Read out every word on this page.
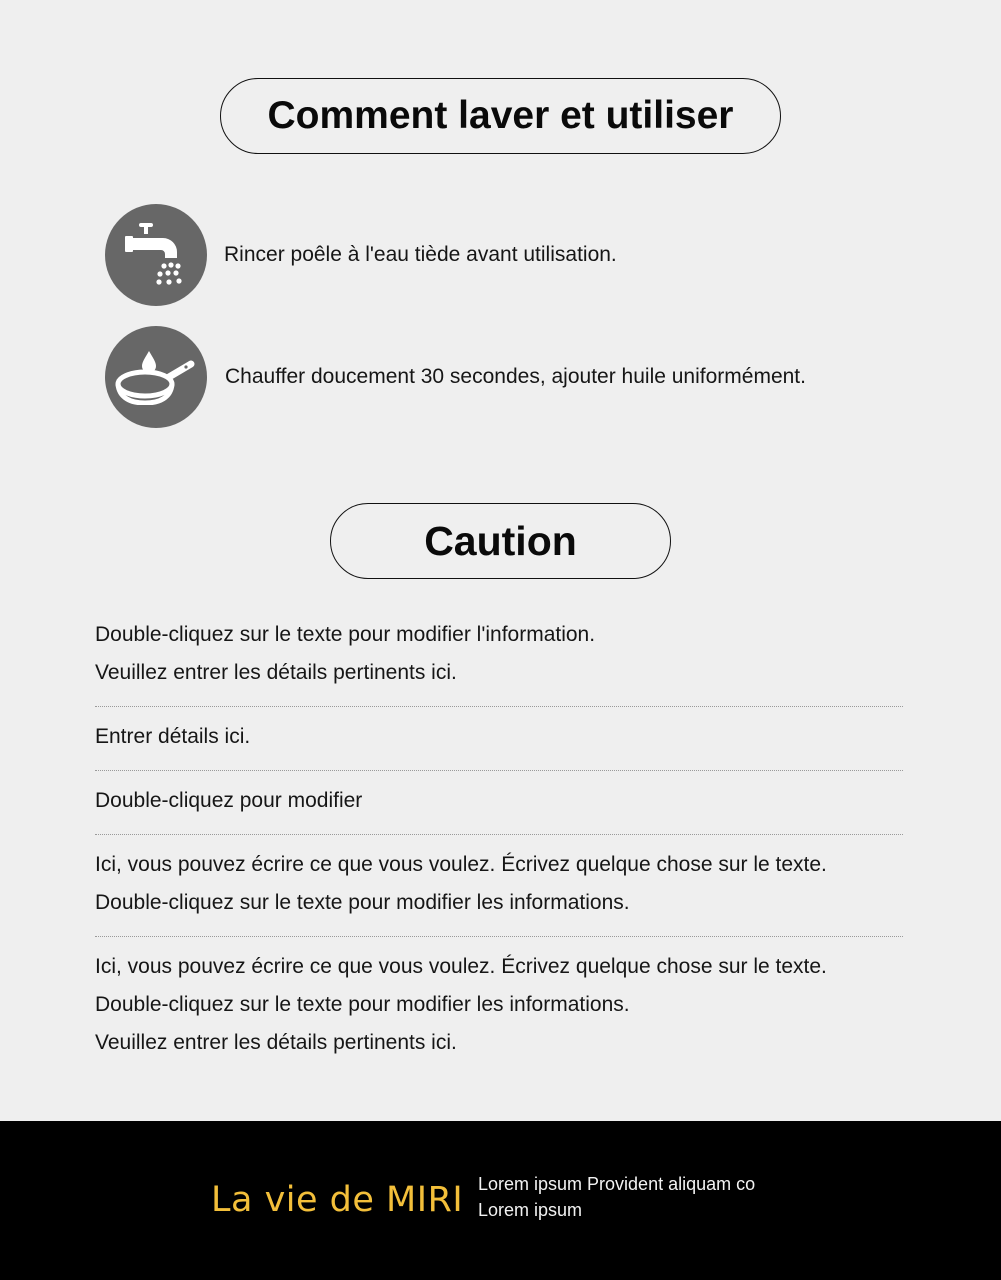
Comment laver et utiliser
Rincer poêle à l'eau tiède avant utilisation.
Chauffer doucement 30 secondes, ajouter huile uniformément.
Caution
Double-cliquez sur le texte pour modifier l'information.
Veuillez entrer les détails pertinents ici.
Entrer détails ici.
Double-cliquez pour modifier
Ici, vous pouvez écrire ce que vous voulez. Écrivez quelque chose sur le texte.
Double-cliquez sur le texte pour modifier les informations.
Ici, vous pouvez écrire ce que vous voulez. Écrivez quelque chose sur le texte.
Double-cliquez sur le texte pour modifier les informations.
Veuillez entrer les détails pertinents ici.
La vie de MIRI Lorem ipsum Provident aliquam co
Lorem ipsum
